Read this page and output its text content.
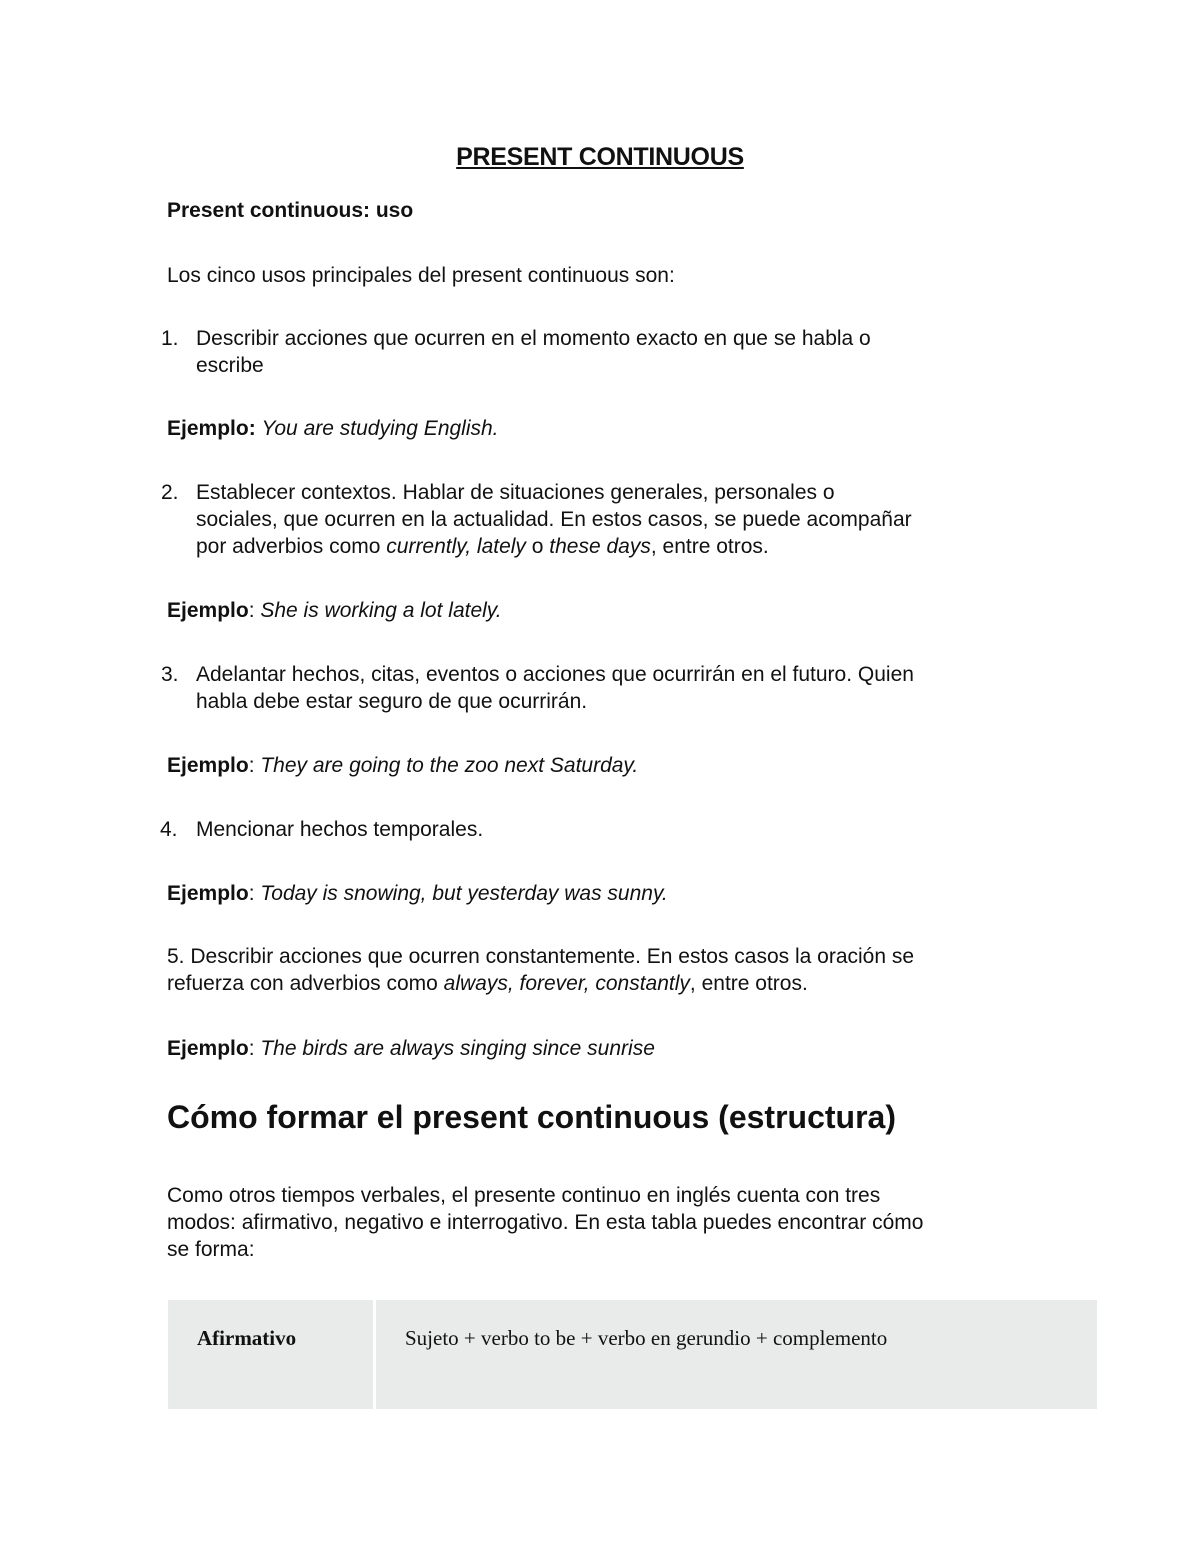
PRESENT CONTINUOUS
Present continuous: uso
Los cinco usos principales del present continuous son:
1. Describir acciones que ocurren en el momento exacto en que se habla o
escribe
Ejemplo: You are studying English.
2. Establecer contextos. Hablar de situaciones generales, personales o
sociales, que ocurren en la actualidad. En estos casos, se puede acompañar
por adverbios como currently, lately o these days, entre otros.
Ejemplo: She is working a lot lately.
3. Adelantar hechos, citas, eventos o acciones que ocurrirán en el futuro. Quien
habla debe estar seguro de que ocurrirán.
Ejemplo: They are going to the zoo next Saturday.
4. Mencionar hechos temporales.
Ejemplo: Today is snowing, but yesterday was sunny.
5. Describir acciones que ocurren constantemente. En estos casos la oración se
refuerza con adverbios como always, forever, constantly, entre otros.
Ejemplo: The birds are always singing since sunrise
Cómo formar el present continuous (estructura)
Como otros tiempos verbales, el presente continuo en inglés cuenta con tres
modos: afirmativo, negativo e interrogativo. En esta tabla puedes encontrar cómo
se forma:
Afirmativo	Sujeto + verbo to be + verbo en gerundio + complemento
